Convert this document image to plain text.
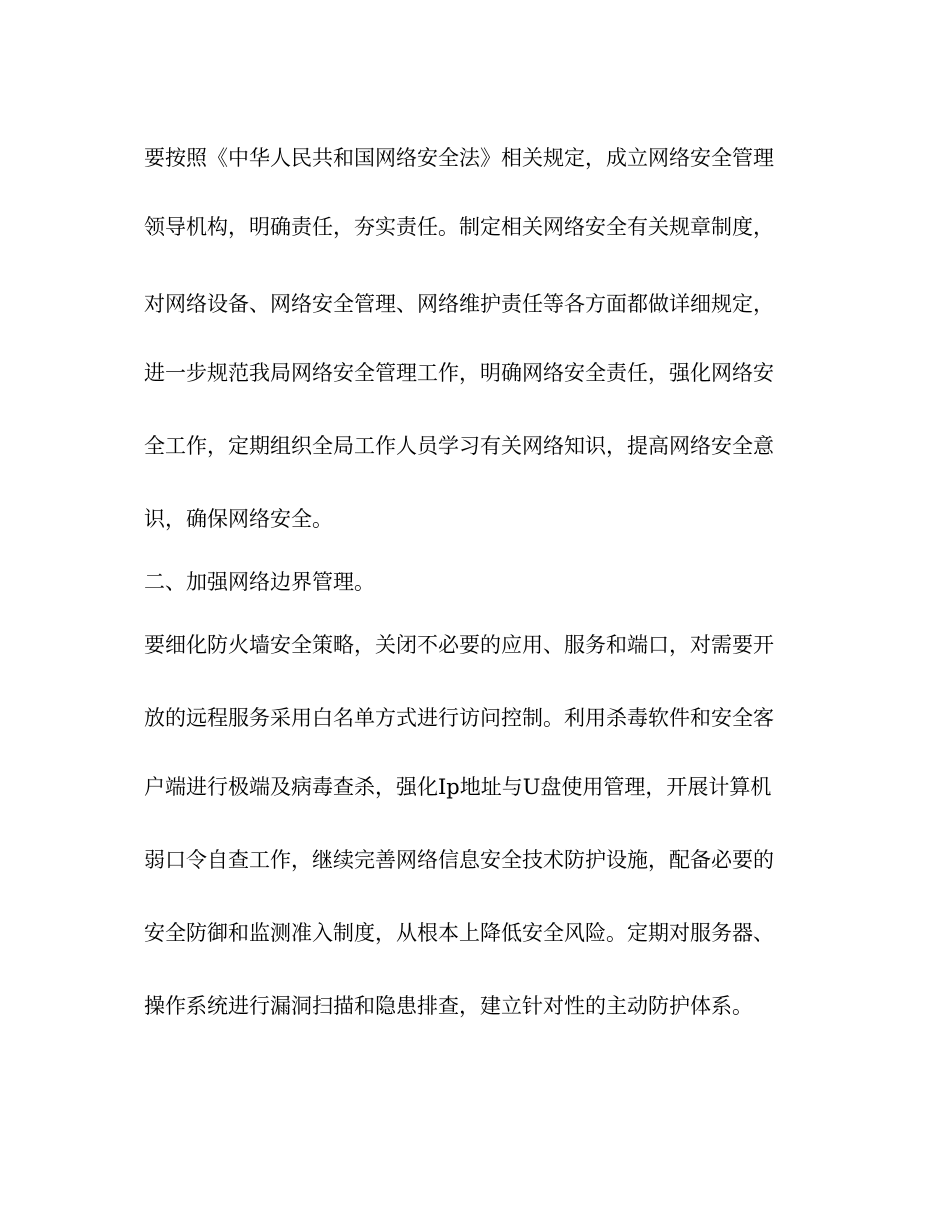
要按照《中华人民共和国网络安全法》相关规定，成立网络安全管理
领导机构，明确责任，夯实责任。制定相关网络安全有关规章制度，
对网络设备、网络安全管理、网络维护责任等各方面都做详细规定，
进一步规范我局网络安全管理工作，明确网络安全责任，强化网络安
全工作，定期组织全局工作人员学习有关网络知识，提高网络安全意
识，确保网络安全。
二、加强网络边界管理。
要细化防火墙安全策略，关闭不必要的应用、服务和端口，对需要开
放的远程服务采用白名单方式进行访问控制。利用杀毒软件和安全客
户端进行极端及病毒查杀，强化Ip地址与U盘使用管理，开展计算机
弱口令自查工作，继续完善网络信息安全技术防护设施，配备必要的
安全防御和监测准入制度，从根本上降低安全风险。定期对服务器、
操作系统进行漏洞扫描和隐患排查，建立针对性的主动防护体系。
